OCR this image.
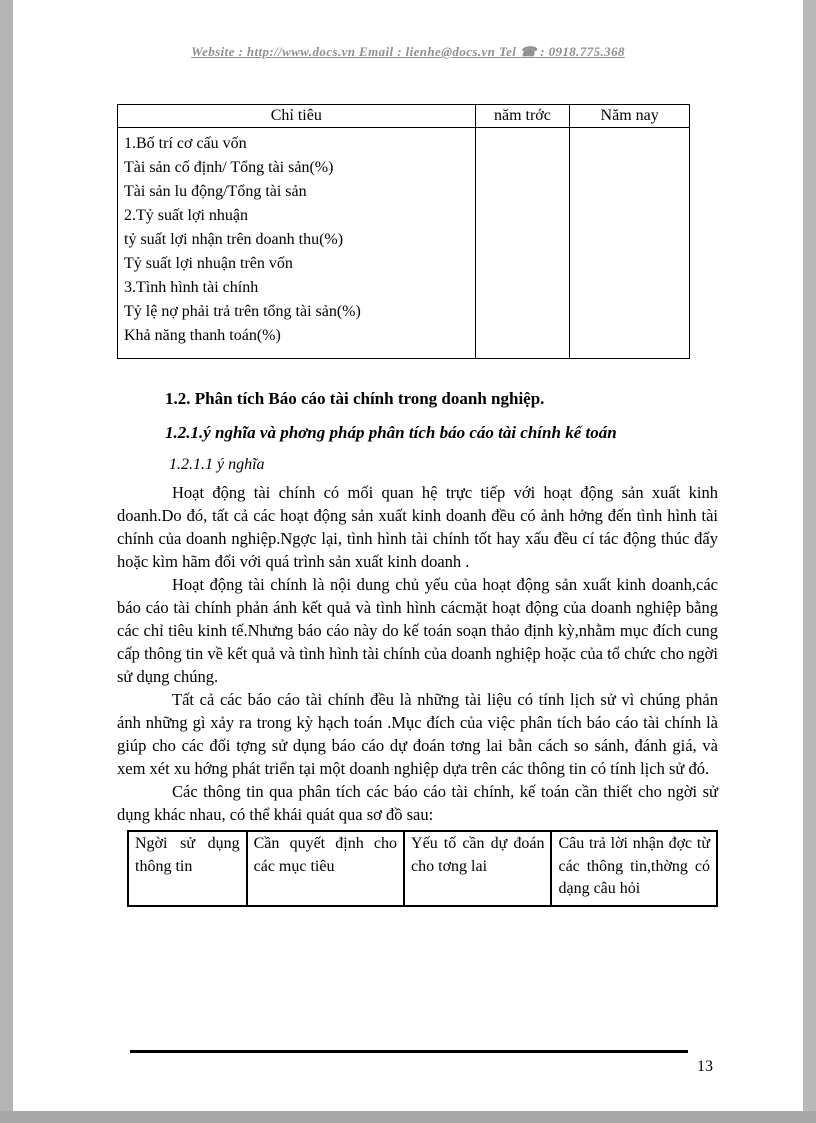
Website : http://www.docs.vn Email : lienhe@docs.vn Tel ☎ : 0918.775.368
Chỉ tiêu	năm trớc	Năm nay

1.Bố trí cơ cấu vốn
Tài sản cố định/ Tổng tài sản(%)
Tài sản lu động/Tổng tài sản
2.Tỷ suất lợi nhuận
tỷ suất lợi nhận trên doanh thu(%)
Tỷ suất lợi nhuận trên vốn
3.Tình hình tài chính
Tỷ lệ nợ phải trả trên tổng tài sản(%)
Khả năng thanh toán(%)

1.2. Phân tích Báo cáo tài chính trong doanh nghiệp.
1.2.1.ý nghĩa và phơng pháp phân tích báo cáo tài chính kế toán
1.2.1.1 ý nghĩa

Hoạt động tài chính có mối quan hệ trực tiếp với hoạt động sản xuất kinh doanh.Do đó, tất cả các hoạt động sản xuất kinh doanh đều có ảnh hởng đến tình hình tài chính của doanh nghiệp.Ngợc lại, tình hình tài chính tốt hay xấu đều cí tác động thúc đẩy hoặc kìm hãm đối với quá trình sản xuất kinh doanh .

Hoạt động tài chính là nội dung chủ yếu của hoạt động sản xuất kinh doanh,các báo cáo tài chính phản ánh kết quả và tình hình cácmặt hoạt động của doanh nghiệp bằng các chỉ tiêu kinh tế.Nhưng báo cáo này do kế toán soạn thảo định kỳ,nhằm mục đích cung cấp thông tin về kết quả và tình hình tài chính của doanh nghiệp hoặc của tổ chức cho ngời sử dụng chúng.

Tất cả các báo cáo tài chính đều là những tài liệu có tính lịch sử vì chúng phản ánh những gì xảy ra trong kỳ hạch toán .Mục đích của việc phân tích báo cáo tài chính là giúp cho các đối tợng sử dụng báo cáo dự đoán tơng lai bằn cách so sánh, đánh giá, và xem xét xu hớng phát triển tại một doanh nghiệp dựa trên các thông tin có tính lịch sử đó.

Các thông tin qua phân tích các báo cáo tài chính, kế toán cần thiết cho ngời sử dụng khác nhau, có thể khái quát qua sơ đồ sau:

Ngời sử dụng thông tin	Cần quyết định cho các mục tiêu	Yếu tố cần dự đoán cho tơng lai	Câu trả lời nhận đợc từ các thông tin,thờng có dạng câu hỏi
13
